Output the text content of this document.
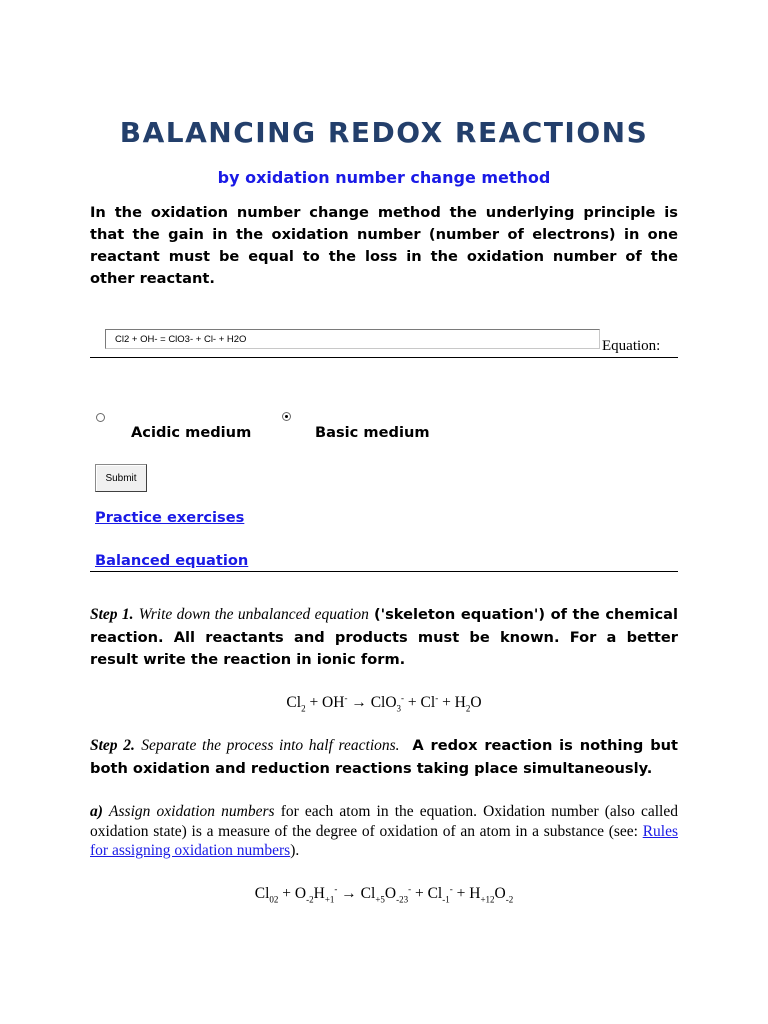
BALANCING REDOX REACTIONS
by oxidation number change method
In the oxidation number change method the underlying principle is that the gain in the oxidation number (number of electrons) in one reactant must be equal to the loss in the oxidation number of the other reactant.
Cl2 + OH- = ClO3- + Cl- + H2O	Equation:
Acidic medium	Basic medium
Submit
Practice exercises
Balanced equation
Step 1. Write down the unbalanced equation ('skeleton equation') of the chemical reaction. All reactants and products must be known. For a better result write the reaction in ionic form.
$Cl_2 + OH^- \to ClO_3^- + Cl^- + H_2O$
Step 2. Separate the process into half reactions. A redox reaction is nothing but both oxidation and reduction reactions taking place simultaneously.
a) Assign oxidation numbers for each atom in the equation. Oxidation number (also called oxidation state) is a measure of the degree of oxidation of an atom in a substance (see: Rules for assigning oxidation numbers).
$Cl_{02} + O_{-2}H_{+1}^- \to Cl_{+5}O_{-23}^- + Cl_{-1}^- + H_{+12}O_{-2}$
